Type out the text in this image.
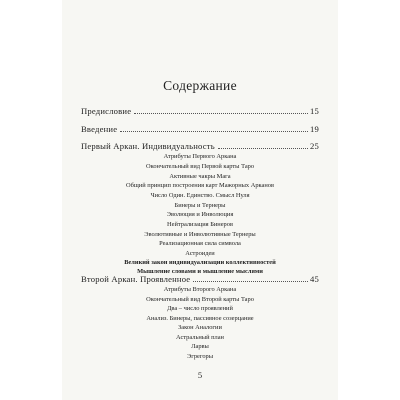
Содержание
Предисловие	15
Введение	19
Первый Аркан. Индивидуальность	25
Атрибуты Первого Аркана
Окончательный вид Первой карты Таро
Активные чакры Мага
Общий принцип построения карт Мажорных Арканов
Число Один. Единство. Смысл Нуля
Бинеры и Тернеры
Эволюция и Инволюция
Нейтрализация Бинеров
Эволютивные и Инволютивные Тернеры
Реализационная сила символа
Астроидеи
Великий закон индивидуализации коллективностей
Мышление словами и мышление мыслями
Второй Аркан. Проявленное	45
Атрибуты Второго Аркана
Окончательный вид Второй карты Таро
Два – число проявлений
Анализ. Бинеры, пассивное созерцание
Закон Аналогии
Астральный план
Ларвы
Эгрегоры
5
